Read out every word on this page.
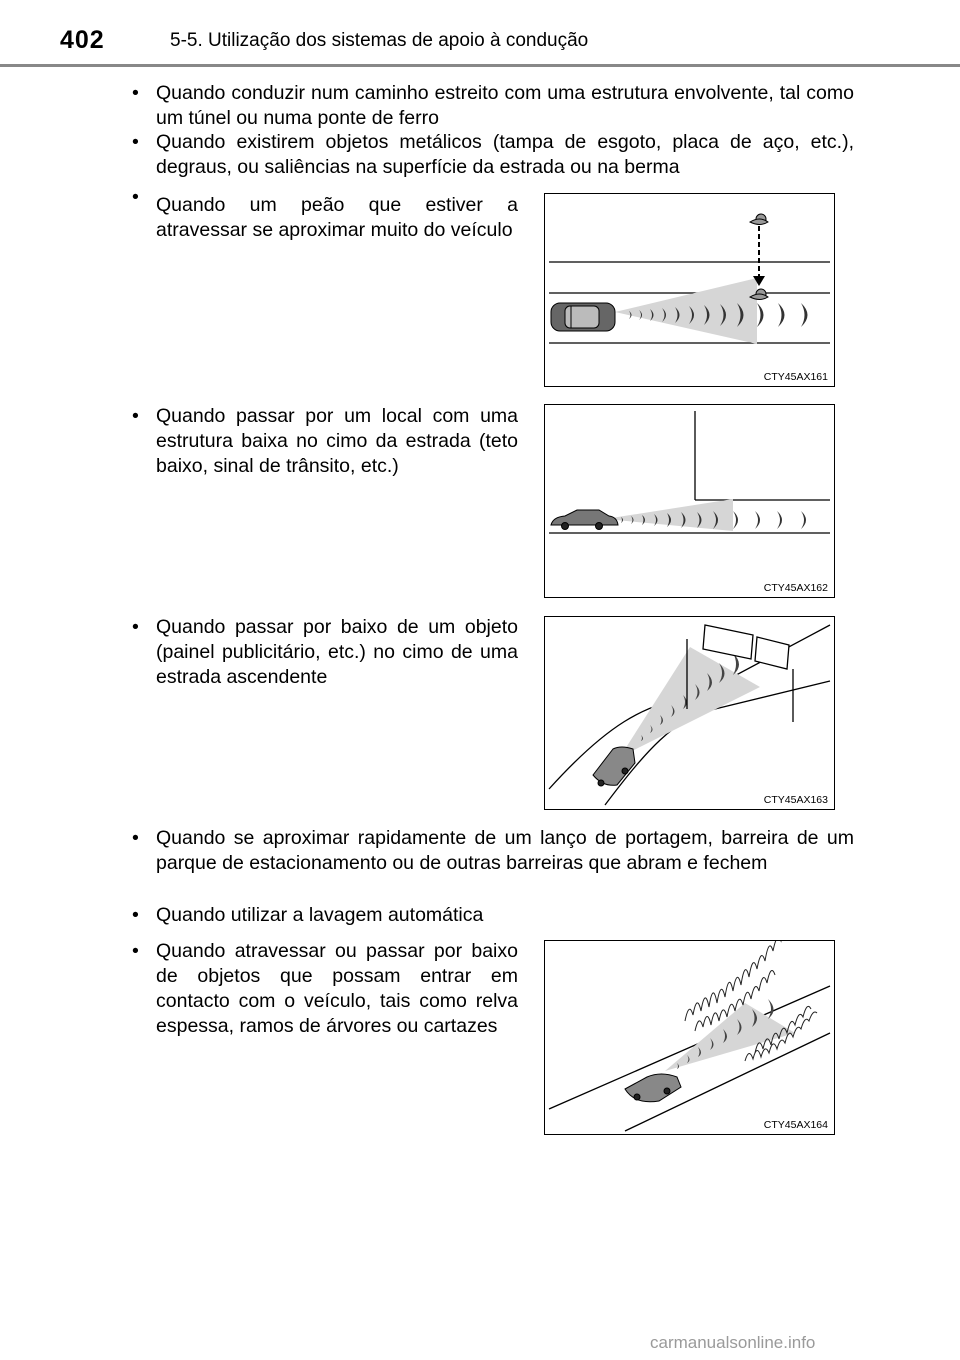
402	5-5. Utilização dos sistemas de apoio à condução
• Quando conduzir num caminho estreito com uma estrutura envolvente, tal como um túnel ou numa ponte de ferro
• Quando existirem objetos metálicos (tampa de esgoto, placa de aço, etc.), degraus, ou saliências na superfície da estrada ou na berma
• Quando um peão que estiver a atravessar se aproximar muito do veículo
CTY45AX161
• Quando passar por um local com uma estrutura baixa no cimo da estrada (teto baixo, sinal de trânsito, etc.)
CTY45AX162
• Quando passar por baixo de um objeto (painel publicitário, etc.) no cimo de uma estrada ascendente
CTY45AX163
• Quando se aproximar rapidamente de um lanço de portagem, barreira de um parque de estacionamento ou de outras barreiras que abram e fechem
• Quando utilizar a lavagem automática
• Quando atravessar ou passar por baixo de objetos que possam entrar em contacto com o veículo, tais como relva espessa, ramos de árvores ou cartazes
CTY45AX164
carmanualsonline.info
